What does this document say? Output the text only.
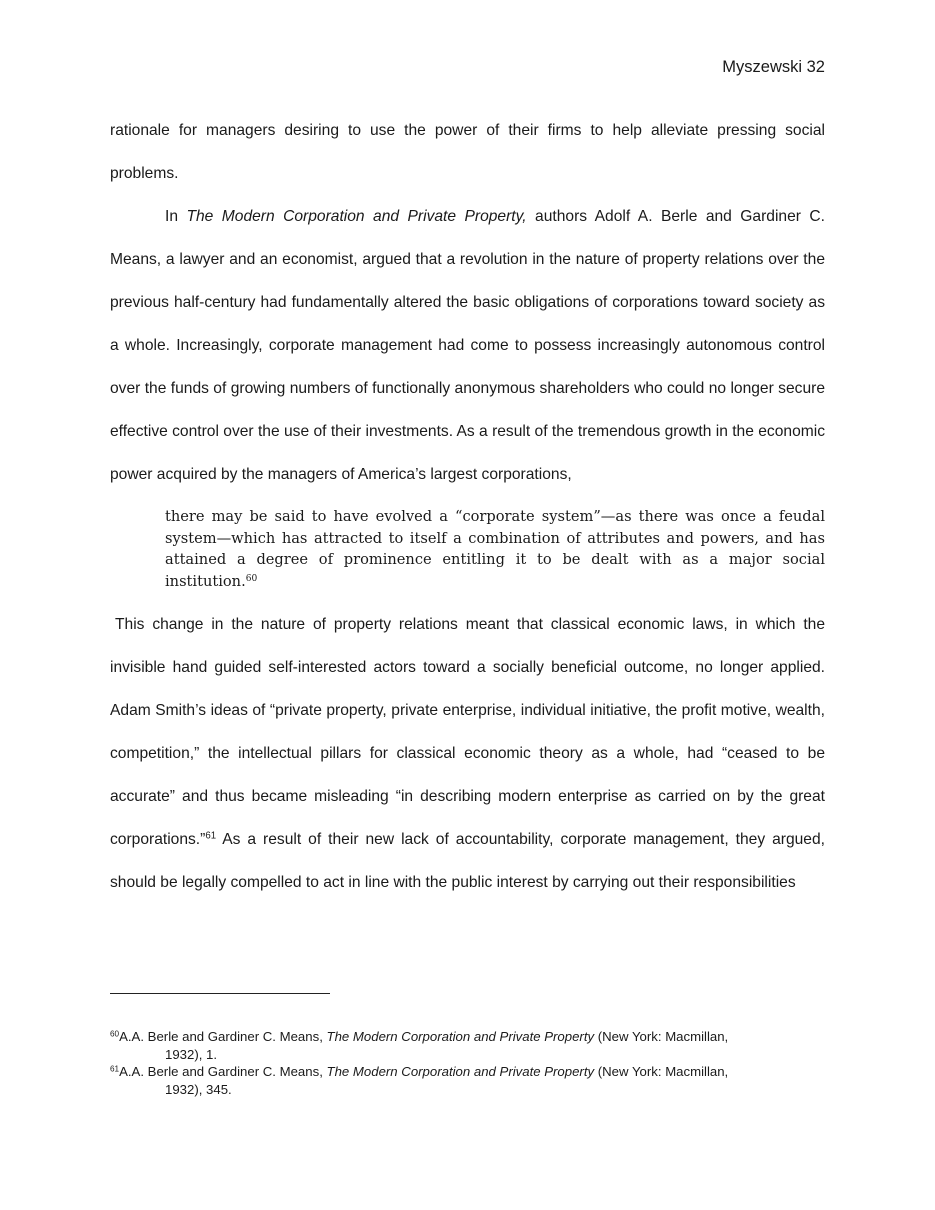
Myszewski 32

rationale for managers desiring to use the power of their firms to help alleviate pressing social problems.

In The Modern Corporation and Private Property, authors Adolf A. Berle and Gardiner C. Means, a lawyer and an economist, argued that a revolution in the nature of property relations over the previous half-century had fundamentally altered the basic obligations of corporations toward society as a whole. Increasingly, corporate management had come to possess increasingly autonomous control over the funds of growing numbers of functionally anonymous shareholders who could no longer secure effective control over the use of their investments. As a result of the tremendous growth in the economic power acquired by the managers of America’s largest corporations,

there may be said to have evolved a “corporate system”—as there was once a feudal system—which has attracted to itself a combination of attributes and powers, and has attained a degree of prominence entitling it to be dealt with as a major social institution.$^{60}$

This change in the nature of property relations meant that classical economic laws, in which the invisible hand guided self-interested actors toward a socially beneficial outcome, no longer applied. Adam Smith’s ideas of “private property, private enterprise, individual initiative, the profit motive, wealth, competition,” the intellectual pillars for classical economic theory as a whole, had “ceased to be accurate” and thus became misleading “in describing modern enterprise as carried on by the great corporations.”$^{61}$ As a result of their new lack of accountability, corporate management, they argued, should be legally compelled to act in line with the public interest by carrying out their responsibilities

$^{60}$A.A. Berle and Gardiner C. Means, The Modern Corporation and Private Property (New York: Macmillan,
1932), 1.

$^{61}$A.A. Berle and Gardiner C. Means, The Modern Corporation and Private Property (New York: Macmillan,
1932), 345.
